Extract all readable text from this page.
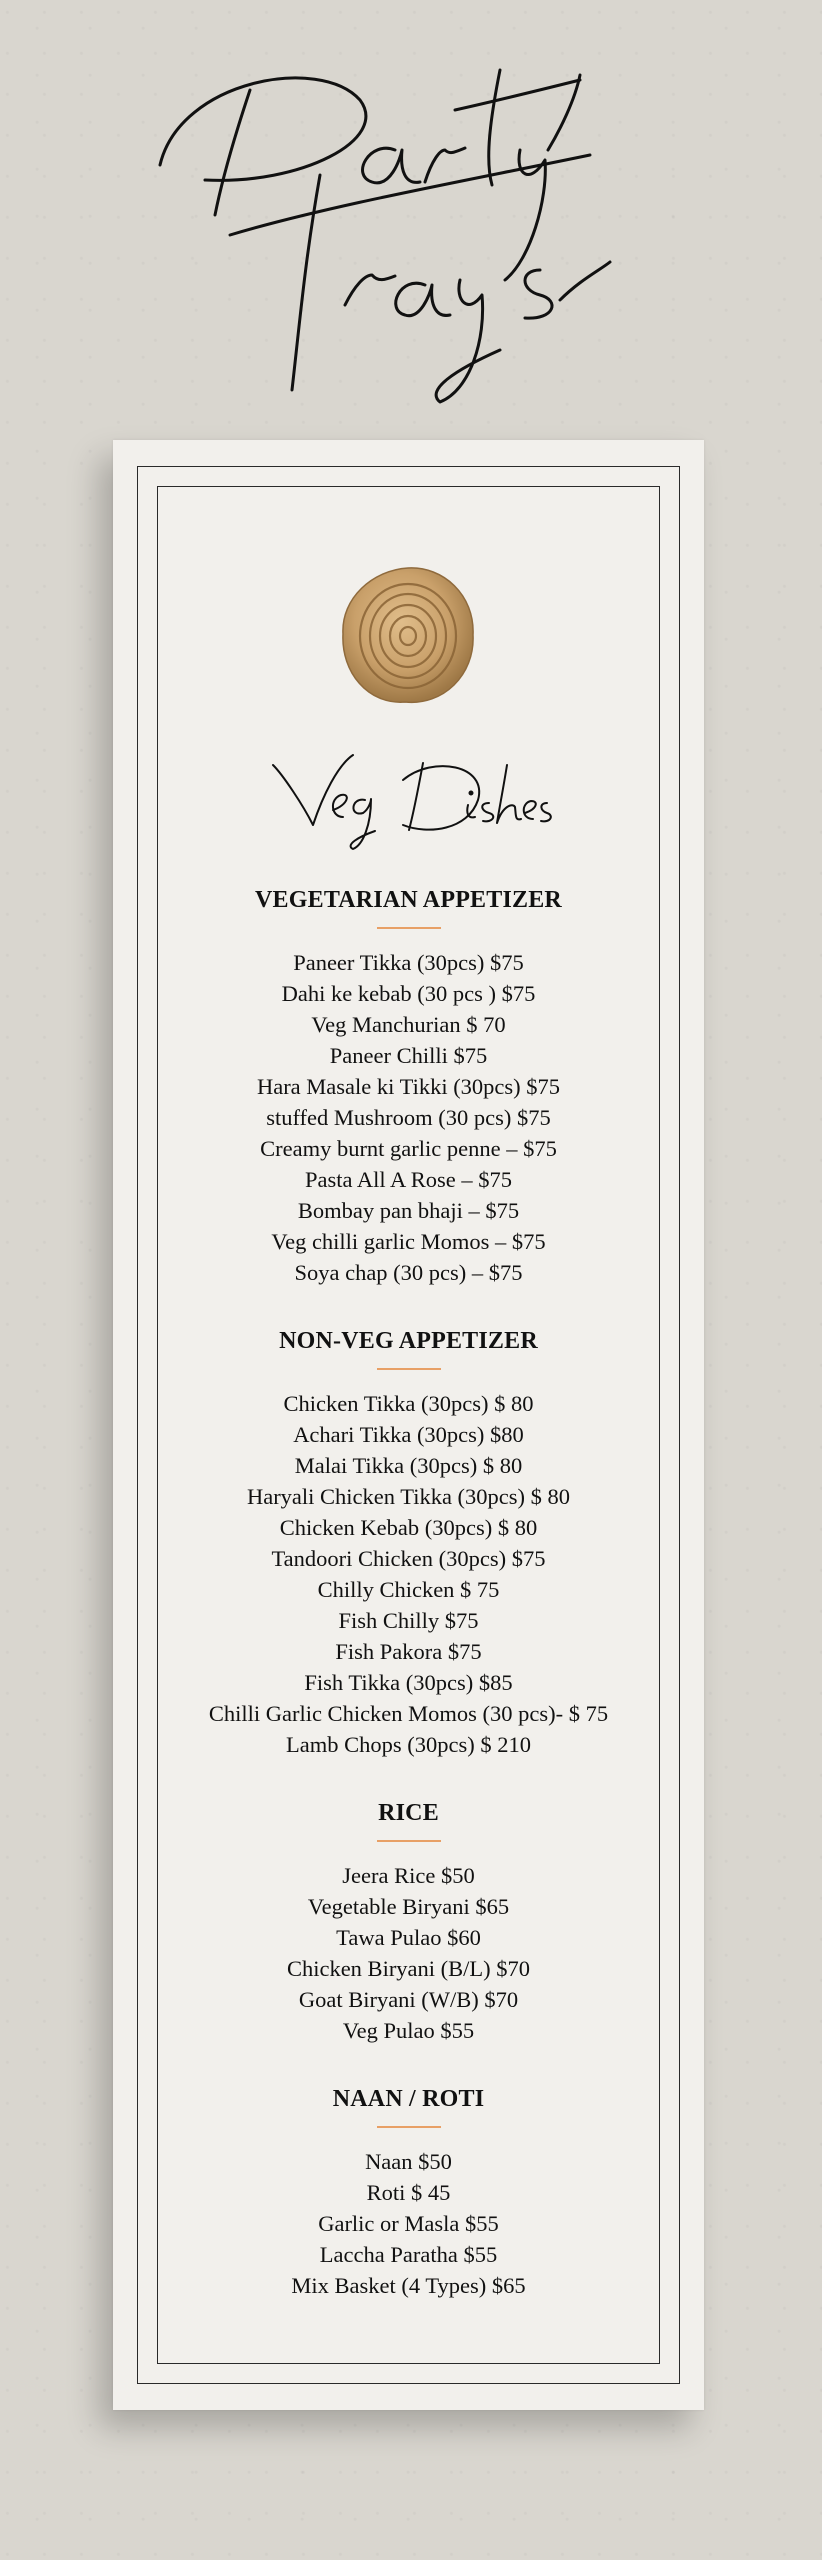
VEGETARIAN APPETIZER
Paneer Tikka (30pcs) $75
Dahi ke kebab (30 pcs ) $75
Veg Manchurian $ 70
Paneer Chilli $75
Hara Masale ki Tikki (30pcs) $75
stuffed Mushroom (30 pcs) $75
Creamy burnt garlic penne – $75
Pasta All A Rose – $75
Bombay pan bhaji – $75
Veg chilli garlic Momos – $75
Soya chap (30 pcs) – $75
NON-VEG APPETIZER
Chicken Tikka (30pcs) $ 80
Achari Tikka (30pcs) $80
Malai Tikka (30pcs) $ 80
Haryali Chicken Tikka (30pcs) $ 80
Chicken Kebab (30pcs) $ 80
Tandoori Chicken (30pcs) $75
Chilly Chicken $ 75
Fish Chilly $75
Fish Pakora $75
Fish Tikka (30pcs) $85
Chilli Garlic Chicken Momos (30 pcs)- $ 75
Lamb Chops (30pcs) $ 210
RICE
Jeera Rice $50
Vegetable Biryani $65
Tawa Pulao $60
Chicken Biryani (B/L) $70
Goat Biryani (W/B) $70
Veg Pulao $55
NAAN / ROTI
Naan $50
Roti $ 45
Garlic or Masla $55
Laccha Paratha $55
Mix Basket (4 Types) $65
